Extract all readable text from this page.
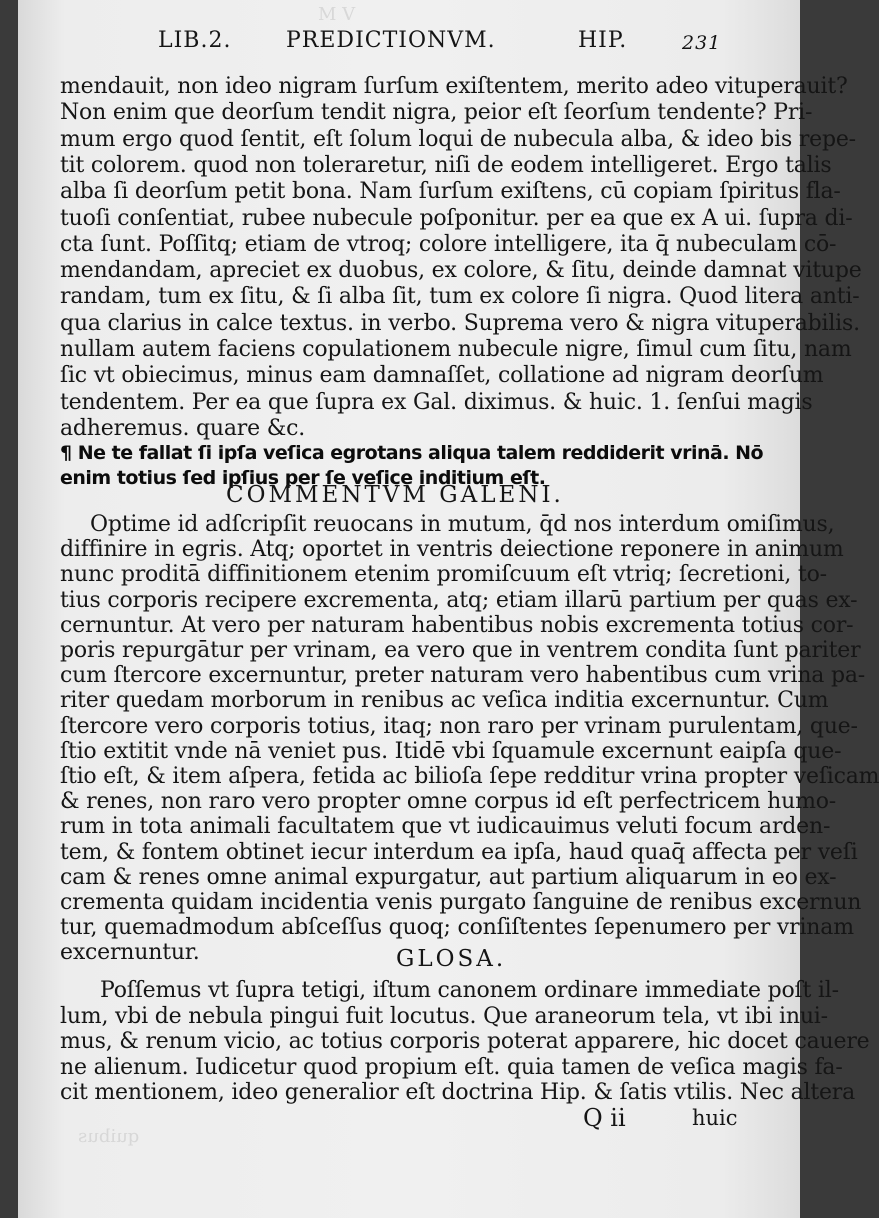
M V
LIB.2. PREDICTIONVM.	HIP.	231
mendauit, non ideo nigram ſurſum exiſtentem, merito adeo vituperauit?
Non enim que deorſum tendit nigra, peior eſt ſeorſum tendente? Pri-
mum ergo quod ſentit, eſt ſolum loqui de nubecula alba, & ideo bis repe-
tit colorem. quod non toleraretur, niſi de eodem intelligeret. Ergo talis
alba ſi deorſum petit bona. Nam ſurſum exiſtens, cū copiam ſpiritus fla-
tuoſi conſentiat, rubee nubecule poſponitur. per ea que ex A ui. ſupra di-
cta ſunt. Poſſitq; etiam de vtroq; colore intelligere, ita q̄ nubeculam cō-
mendandam, apreciet ex duobus, ex colore, & ſitu, deinde damnat vitupe
randam, tum ex ſitu, & ſi alba ſit, tum ex colore ſi nigra. Quod litera anti-
qua clarius in calce textus. in verbo. Suprema vero & nigra vituperabilis.
nullam autem faciens copulationem nubecule nigre, ſimul cum ſitu, nam
ſic vt obiecimus, minus eam damnaſſet, collatione ad nigram deorſum
tendentem. Per ea que ſupra ex Gal. diximus. & huic. 1. ſenſui magis
adheremus. quare &c.
¶ Ne te fallat ſi ipſa veſica egrotans aliqua talem reddiderit vrinā. Nō
enim totius ſed ipſius per ſe veſice inditium eſt.
COMMENTVM GALENI.
Optime id adſcripſit reuocans in mutum, q̄d nos interdum omiſimus,
diffinire in egris. Atq; oportet in ventris deiectione reponere in animum
nunc proditā diffinitionem etenim promiſcuum eſt vtriq; ſecretioni, to-
tius corporis recipere excrementa, atq; etiam illarū partium per quas ex-
cernuntur. At vero per naturam habentibus nobis excrementa totius cor-
poris repurgātur per vrinam, ea vero que in ventrem condita ſunt pariter
cum ſtercore excernuntur, preter naturam vero habentibus cum vrina pa-
riter quedam morborum in renibus ac veſica inditia excernuntur. Cum
ſtercore vero corporis totius, itaq; non raro per vrinam purulentam, que-
ſtio extitit vnde nā veniet pus. Itidē vbi ſquamule excernunt eaipſa que-
ſtio eſt, & item aſpera, fetida ac bilioſa ſepe redditur vrina propter veſicam
& renes, non raro vero propter omne corpus id eſt perfectricem humo-
rum in tota animali facultatem que vt iudicauimus veluti focum arden-
tem, & fontem obtinet iecur interdum ea ipſa, haud quaq̄ affecta per veſi
cam & renes omne animal expurgatur, aut partium aliquarum in eo ex-
crementa quidam incidentia venis purgato ſanguine de renibus excernun
tur, quemadmodum abſceſſus quoq; conſiſtentes ſepenumero per vrinam
excernuntur.	GLOSA.
Poſſemus vt ſupra tetigi, iſtum canonem ordinare immediate poſt il-
lum, vbi de nebula pingui fuit locutus. Que araneorum tela, vt ibi inui-
mus, & renum vicio, ac totius corporis poterat apparere, hic docet cauere
ne alienum. Iudicetur quod propium eſt. quia tamen de veſica magis fa-
cit mentionem, ideo generalior eſt doctrina Hip. & ſatis vtilis. Nec altera
Q ii	huic
quibus
